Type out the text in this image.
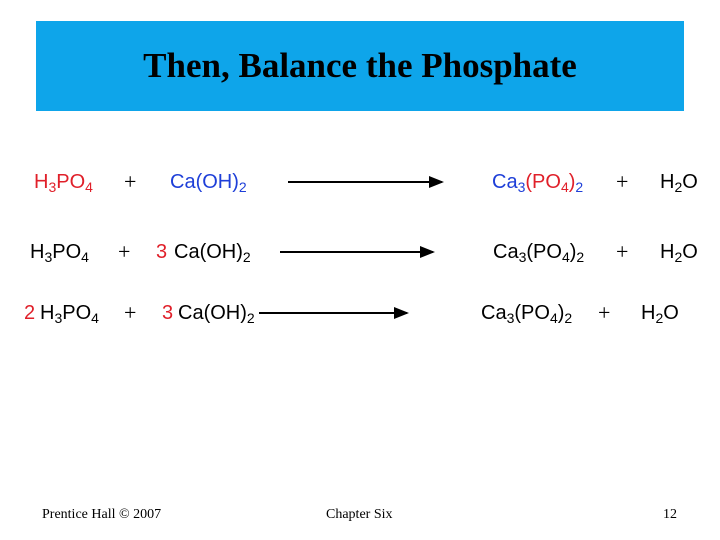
Then, Balance the Phosphate
$H_3PO_4 + Ca(OH)_2$	$Ca_3(PO_4)_2 + H_2O$
$H_3PO_4 + 3$ $Ca(OH)_2$	$Ca_3(PO_4)_2 + H_2O$
2 $H_3PO_4 + 3$ $Ca(OH)_2$	$Ca_3(PO_4)_2 + H_2O$
Prentice Hall © 2007	Chapter Six	12
